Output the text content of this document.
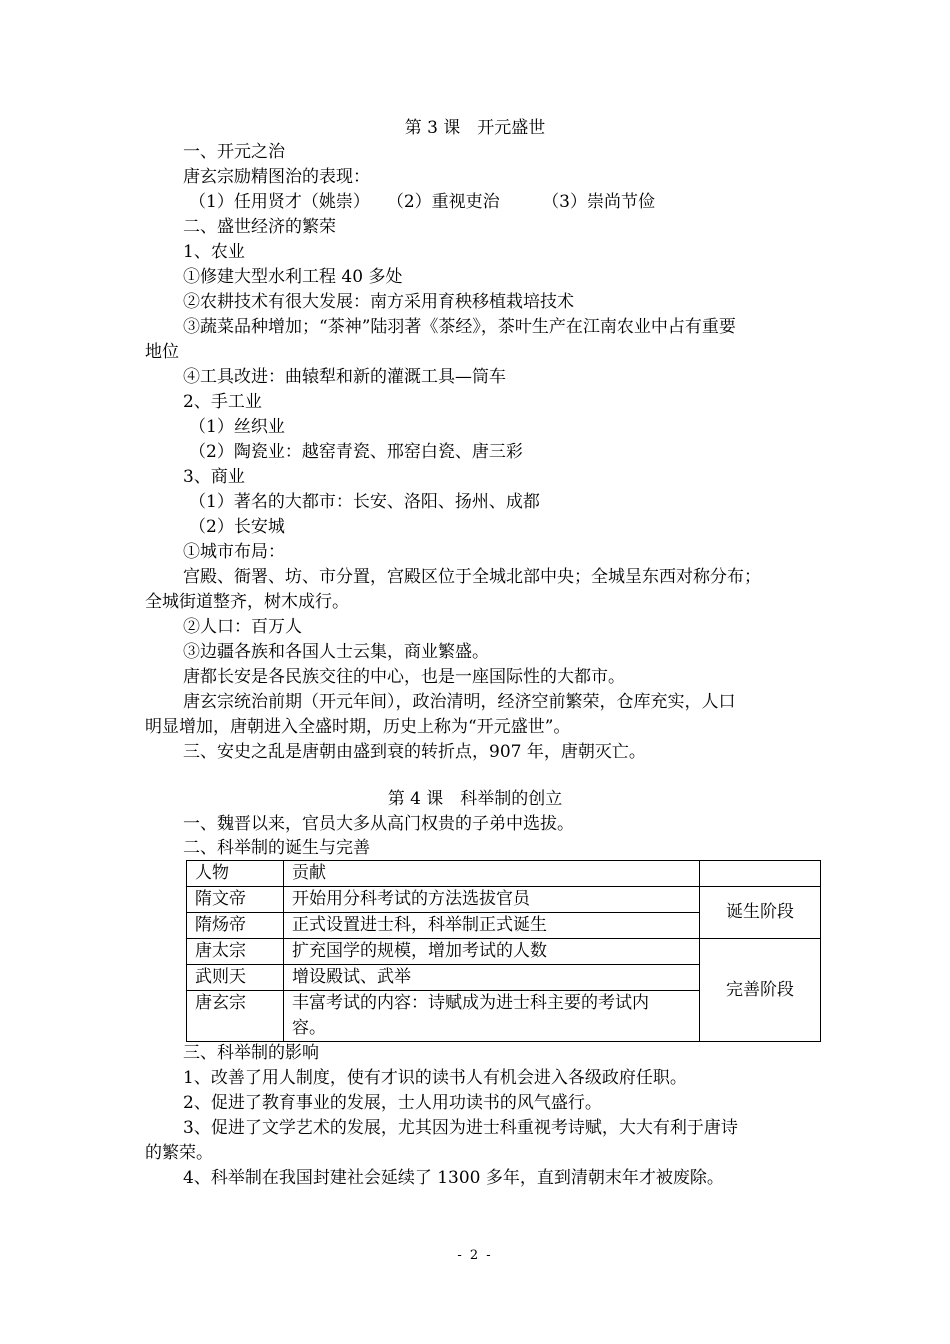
第 3 课　开元盛世
一、开元之治
唐玄宗励精图治的表现：
（1）任用贤才（姚崇）　　（2）重视吏治　　　（3）崇尚节俭
二、盛世经济的繁荣
1、农业
①修建大型水利工程 40 多处
②农耕技术有很大发展：南方采用育秧移植栽培技术
③蔬菜品种增加；“茶神”陆羽著《茶经》，茶叶生产在江南农业中占有重要
地位
④工具改进：曲辕犁和新的灌溉工具—筒车
2、手工业
（1）丝织业
（2）陶瓷业：越窑青瓷、邢窑白瓷、唐三彩
3、商业
（1）著名的大都市：长安、洛阳、扬州、成都
（2）长安城
①城市布局：
宫殿、衙署、坊、市分置，宫殿区位于全城北部中央；全城呈东西对称分布；
全城街道整齐，树木成行。
②人口：百万人
③边疆各族和各国人士云集，商业繁盛。
唐都长安是各民族交往的中心，也是一座国际性的大都市。
唐玄宗统治前期（开元年间），政治清明，经济空前繁荣，仓库充实，人口
明显增加，唐朝进入全盛时期，历史上称为“开元盛世”。
三、安史之乱是唐朝由盛到衰的转折点，907 年，唐朝灭亡。
第 4 课　科举制的创立
一、魏晋以来，官员大多从高门权贵的子弟中选拔。
二、科举制的诞生与完善
人物	贡献	
隋文帝	开始用分科考试的方法选拔官员	诞生阶段
隋炀帝	正式设置进士科，科举制正式诞生	
唐太宗	扩充国学的规模，增加考试的人数	完善阶段
武则天	增设殿试、武举	
唐玄宗	丰富考试的内容：诗赋成为进士科主要的考试内
容。	
三、科举制的影响
1、改善了用人制度，使有才识的读书人有机会进入各级政府任职。
2、促进了教育事业的发展，士人用功读书的风气盛行。
3、促进了文学艺术的发展，尤其因为进士科重视考诗赋，大大有利于唐诗
的繁荣。
4、科举制在我国封建社会延续了 1300 多年，直到清朝末年才被废除。
- 2 -
